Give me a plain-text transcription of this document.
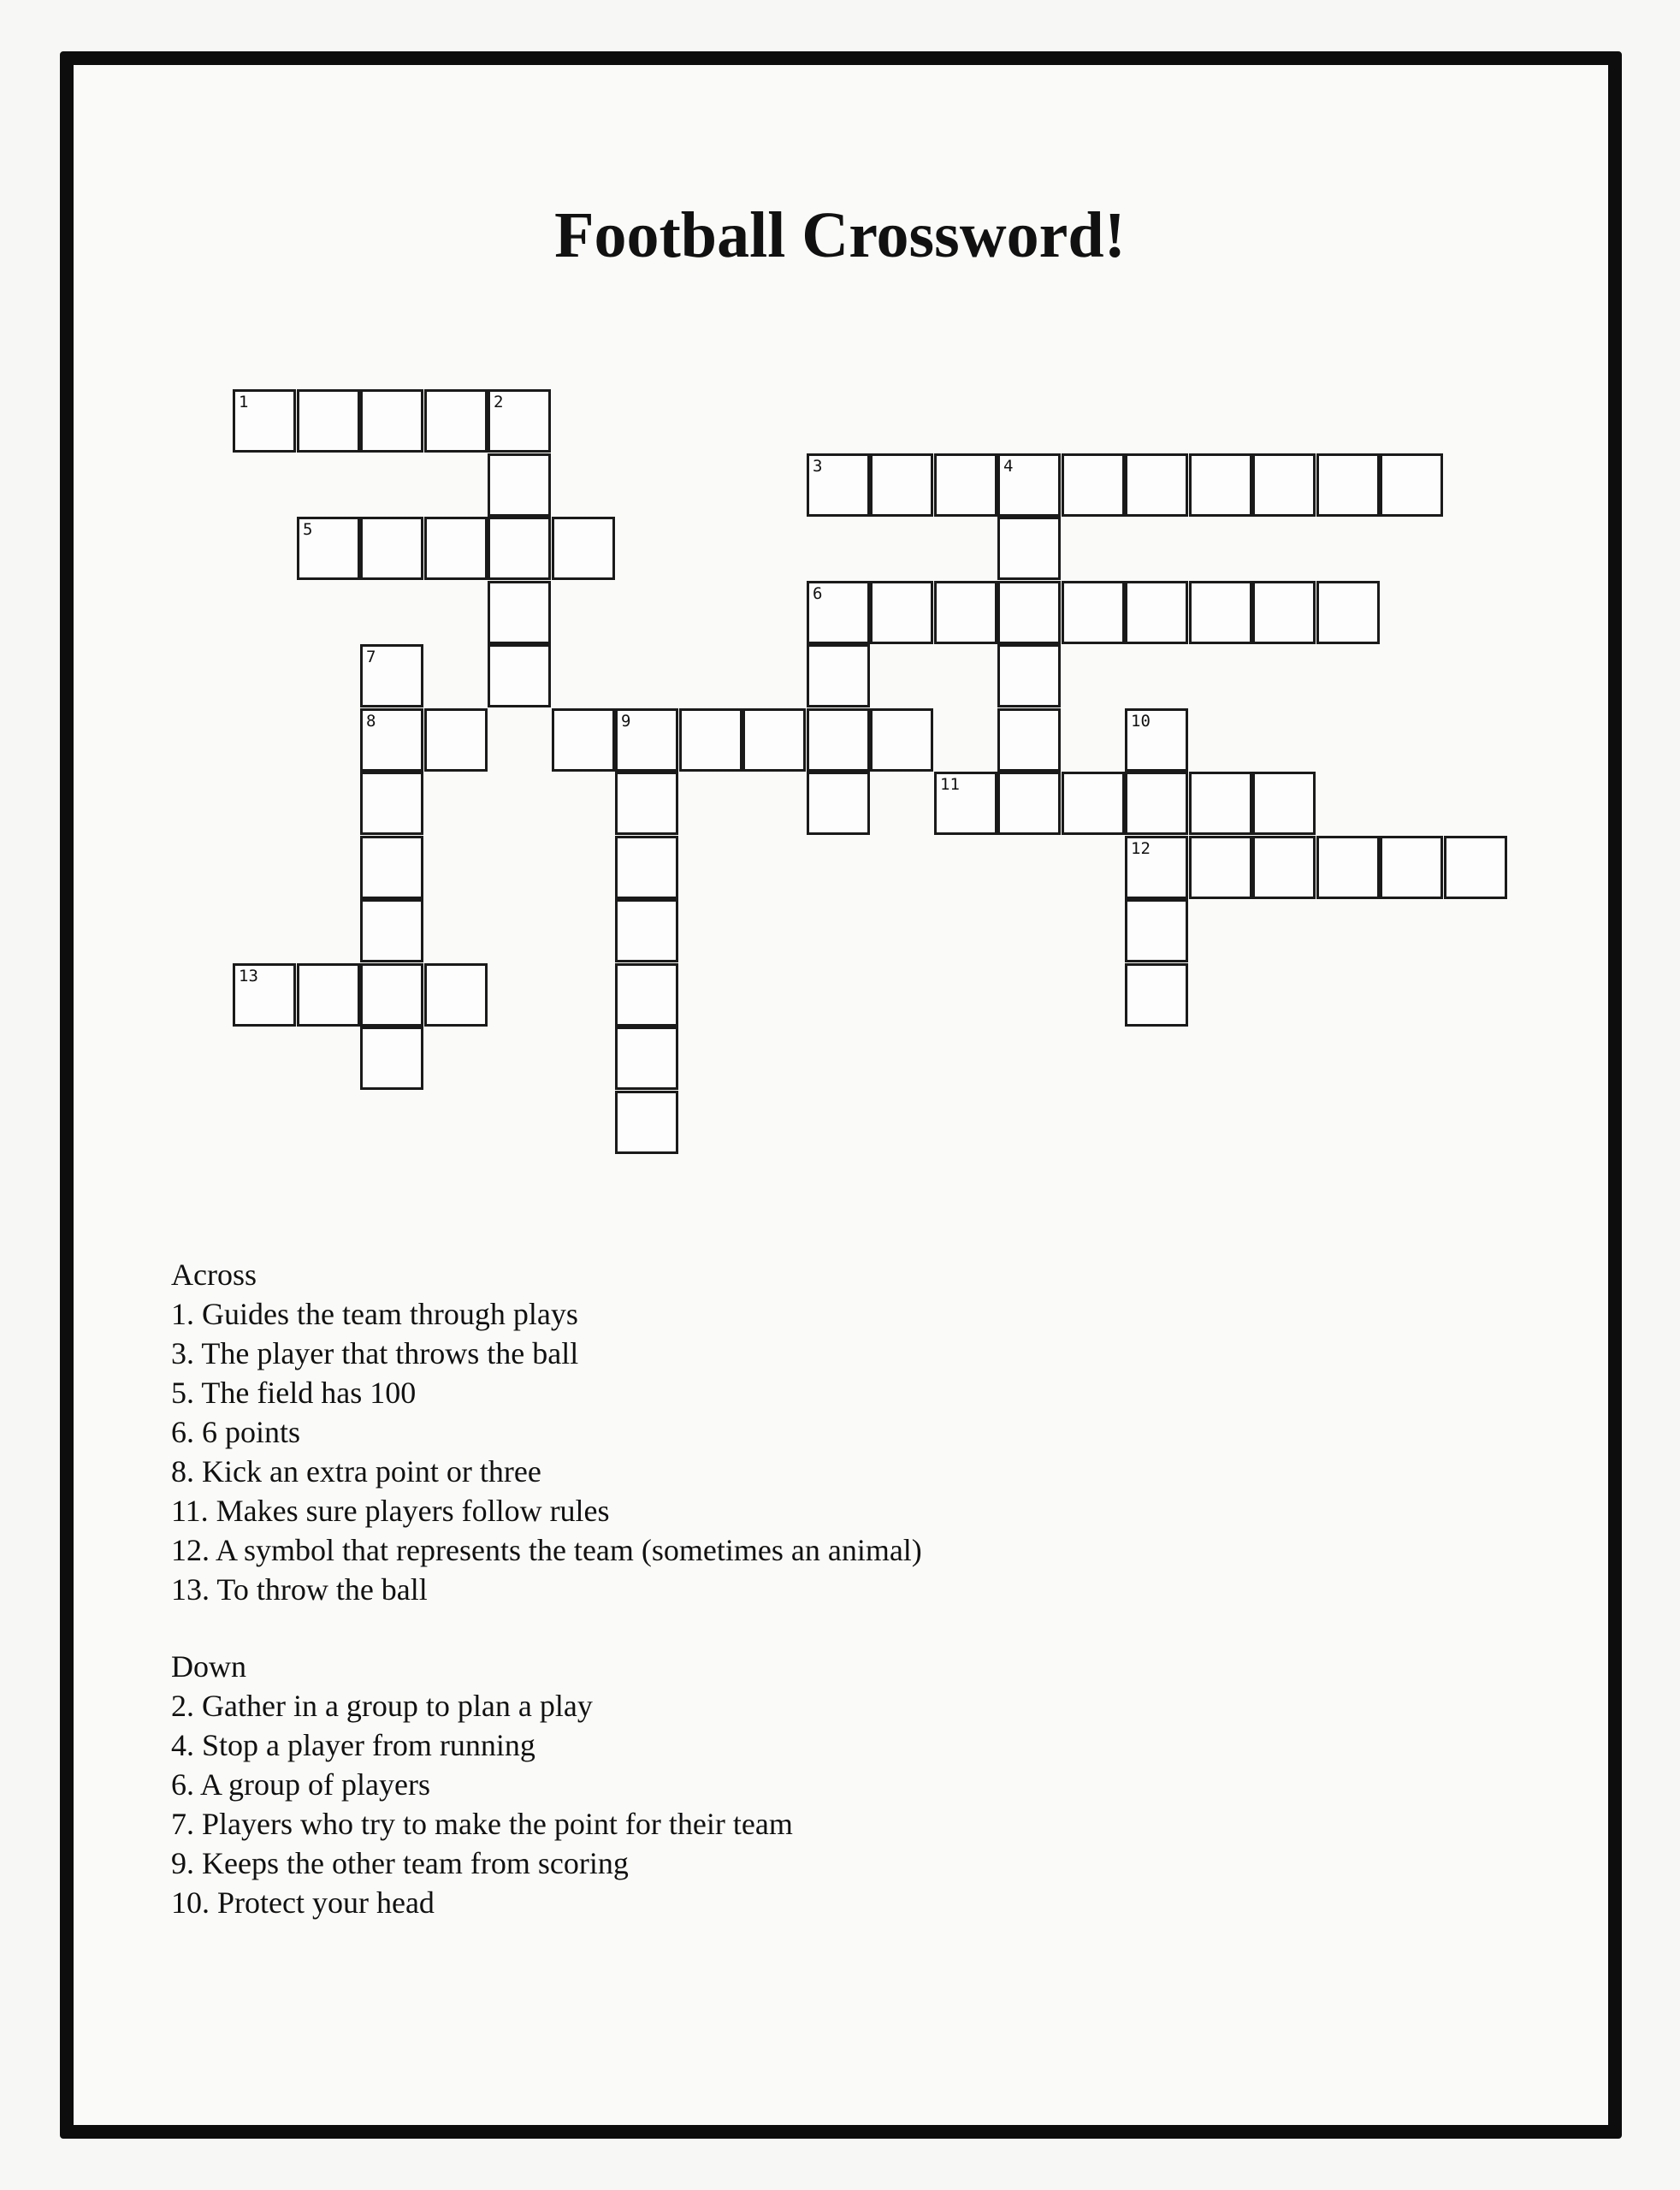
Football Crossword!
1	2
3	4
5
6
7
8	9	10
11
12
13
Across
1. Guides the team through plays
3. The player that throws the ball
5. The field has 100
6. 6 points
8. Kick an extra point or three
11. Makes sure players follow rules
12. A symbol that represents the team (sometimes an animal)
13. To throw the ball
Down
2. Gather in a group to plan a play
4. Stop a player from running
6. A group of players
7. Players who try to make the point for their team
9. Keeps the other team from scoring
10. Protect your head
